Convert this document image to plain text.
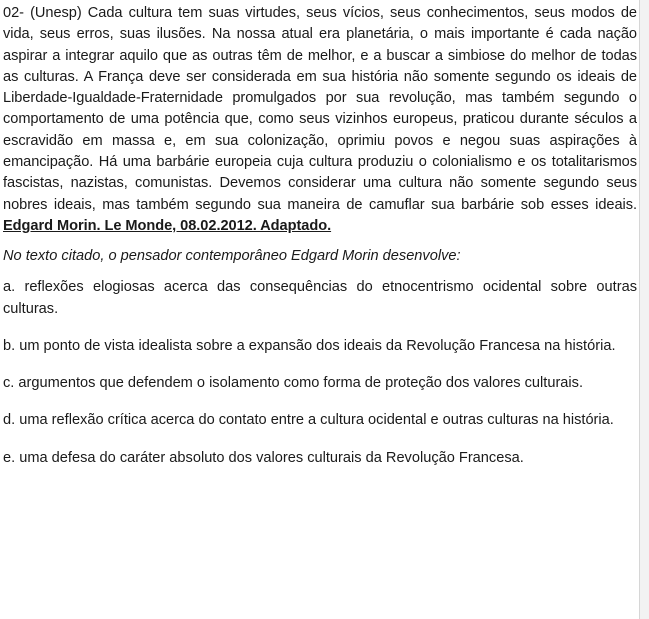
02- (Unesp) Cada cultura tem suas virtudes, seus vícios, seus conhecimentos, seus modos de vida, seus erros, suas ilusões. Na nossa atual era planetária, o mais importante é cada nação aspirar a integrar aquilo que as outras têm de melhor, e a buscar a simbiose do melhor de todas as culturas. A França deve ser considerada em sua história não somente segundo os ideais de Liberdade-Igualdade-Fraternidade promulgados por sua revolução, mas também segundo o comportamento de uma potência que, como seus vizinhos europeus, praticou durante séculos a escravidão em massa e, em sua colonização, oprimiu povos e negou suas aspirações à emancipação. Há uma barbárie europeia cuja cultura produziu o colonialismo e os totalitarismos fascistas, nazistas, comunistas. Devemos considerar uma cultura não somente segundo seus nobres ideais, mas também segundo sua maneira de camuflar sua barbárie sob esses ideais. Edgard Morin. Le Monde, 08.02.2012. Adaptado.

No texto citado, o pensador contemporâneo Edgard Morin desenvolve:

a. reflexões elogiosas acerca das consequências do etnocentrismo ocidental sobre outras culturas.
b. um ponto de vista idealista sobre a expansão dos ideais da Revolução Francesa na história.
c. argumentos que defendem o isolamento como forma de proteção dos valores culturais.
d. uma reflexão crítica acerca do contato entre a cultura ocidental e outras culturas na história.
e. uma defesa do caráter absoluto dos valores culturais da Revolução Francesa.
